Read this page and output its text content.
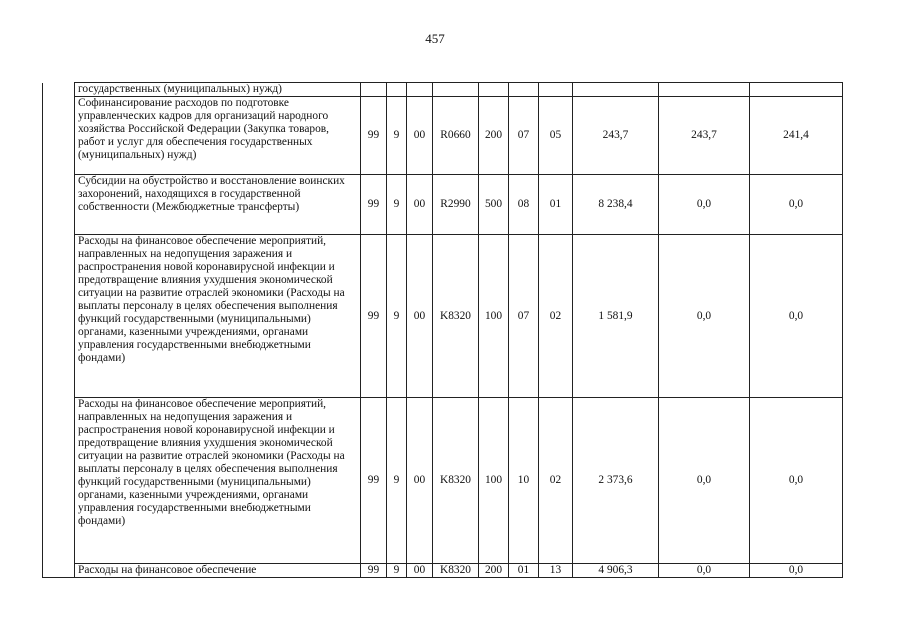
457
	государственных (муниципальных) нужд)										
	Софинансирование расходов по подготовке управленческих кадров для организаций народного хозяйства Российской Федерации (Закупка товаров, работ и услуг для обеспечения государственных (муниципальных) нужд)	99	9	00	R0660	200	07	05	243,7	243,7	241,4
	Субсидии на обустройство и восстановление воинских захоронений, находящихся в государственной собственности (Межбюджетные трансферты)	99	9	00	R2990	500	08	01	8 238,4	0,0	0,0
	Расходы на финансовое обеспечение мероприятий, направленных на недопущения заражения и распространения новой коронавирусной инфекции и предотвращение влияния ухудшения экономической ситуации на развитие отраслей экономики (Расходы на выплаты персоналу в целях обеспечения выполнения функций государственными (муниципальными) органами, казенными учреждениями, органами управления государственными внебюджетными фондами)	99	9	00	K8320	100	07	02	1 581,9	0,0	0,0
	Расходы на финансовое обеспечение мероприятий, направленных на недопущения заражения и распространения новой коронавирусной инфекции и предотвращение влияния ухудшения экономической ситуации на развитие отраслей экономики (Расходы на выплаты персоналу в целях обеспечения выполнения функций государственными (муниципальными) органами, казенными учреждениями, органами управления государственными внебюджетными фондами)	99	9	00	K8320	100	10	02	2 373,6	0,0	0,0
	Расходы на финансовое обеспечение	99	9	00	K8320	200	01	13	4 906,3	0,0	0,0
